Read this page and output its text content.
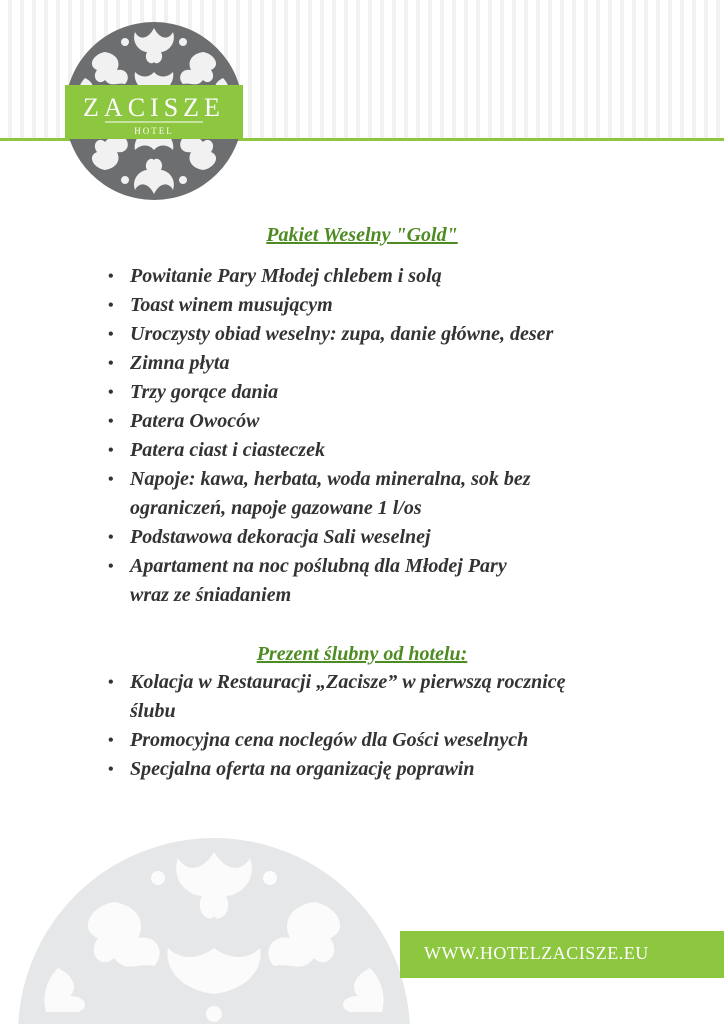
ZACISZE
HOTEL

Pakiet Weselny "Gold"

• Powitanie Pary Młodej chlebem i solą
• Toast winem musującym
• Uroczysty obiad weselny: zupa, danie główne, deser
• Zimna płyta
• Trzy gorące dania
• Patera Owoców
• Patera ciast i ciasteczek
• Napoje: kawa, herbata, woda mineralna, sok bez ograniczeń, napoje gazowane 1 l/os
• Podstawowa dekoracja Sali weselnej
• Apartament na noc poślubną dla Młodej Pary wraz ze śniadaniem

Prezent ślubny od hotelu:

• Kolacja w Restauracji „Zacisze” w pierwszą rocznicę ślubu
• Promocyjna cena noclegów dla Gości weselnych
• Specjalna oferta na organizację poprawin
WWW.HOTELZACISZE.EU
